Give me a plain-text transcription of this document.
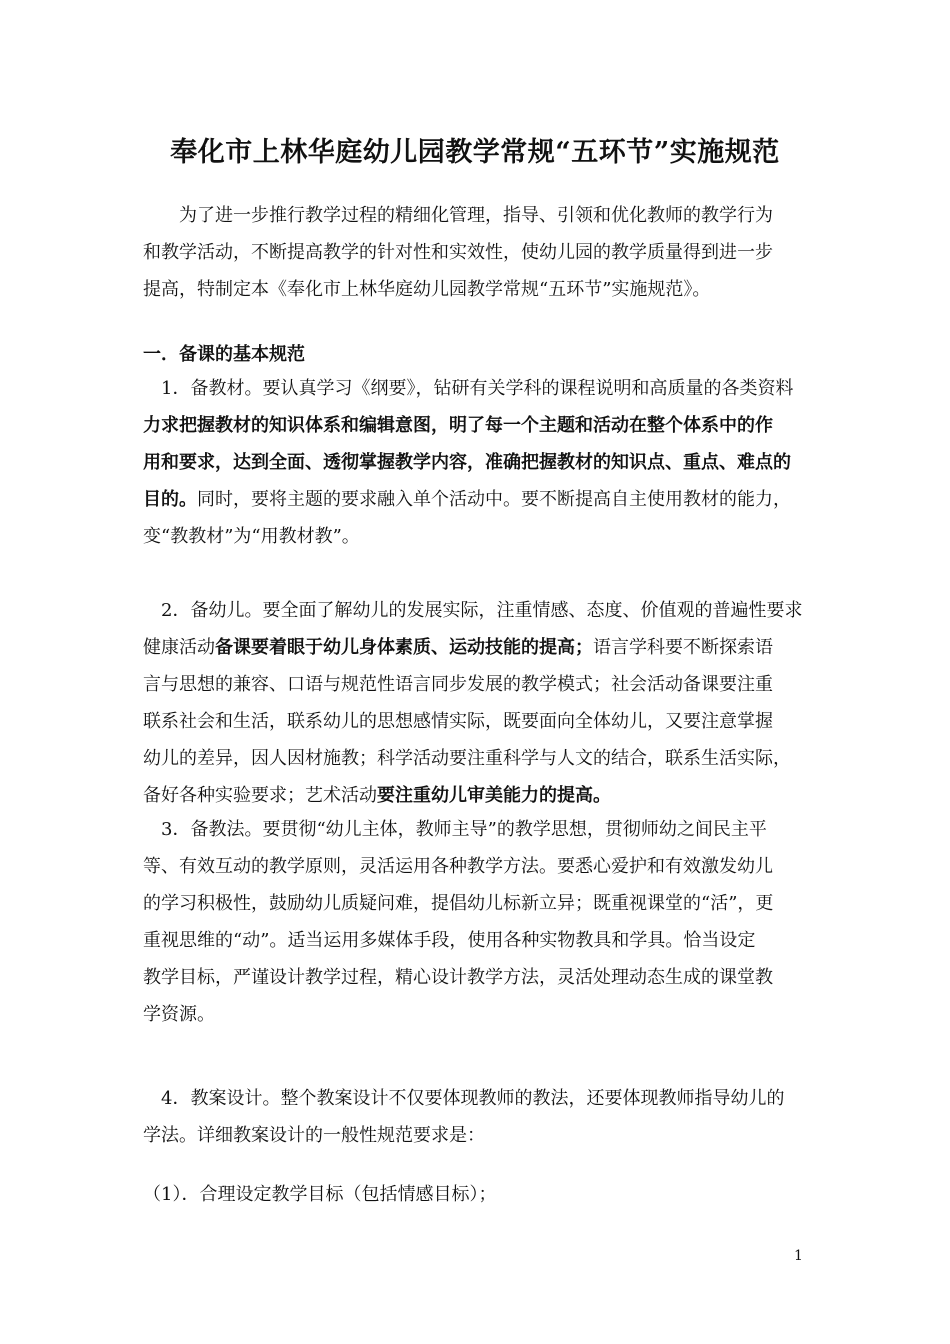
奉化市上林华庭幼儿园教学常规“五环节”实施规范

为了进一步推行教学过程的精细化管理，指导、引领和优化教师的教学行为
和教学活动，不断提高教学的针对性和实效性，使幼儿园的教学质量得到进一步
提高，特制定本《奉化市上林华庭幼儿园教学常规“五环节”实施规范》。

一．备课的基本规范

1．备教材。要认真学习《纲要》，钻研有关学科的课程说明和高质量的各类资料
力求把握教材的知识体系和编辑意图，明了每一个主题和活动在整个体系中的作
用和要求，达到全面、透彻掌握教学内容，准确把握教材的知识点、重点、难点的
目的。同时，要将主题的要求融入单个活动中。要不断提高自主使用教材的能力，
变“教教材”为“用教材教”。

2．备幼儿。要全面了解幼儿的发展实际，注重情感、态度、价值观的普遍性要求
健康活动备课要着眼于幼儿身体素质、运动技能的提高；语言学科要不断探索语
言与思想的兼容、口语与规范性语言同步发展的教学模式；社会活动备课要注重
联系社会和生活，联系幼儿的思想感情实际，既要面向全体幼儿，又要注意掌握
幼儿的差异，因人因材施教；科学活动要注重科学与人文的结合，联系生活实际，
备好各种实验要求；艺术活动要注重幼儿审美能力的提高。

3．备教法。要贯彻“幼儿主体，教师主导”的教学思想，贯彻师幼之间民主平
等、有效互动的教学原则，灵活运用各种教学方法。要悉心爱护和有效激发幼儿
的学习积极性，鼓励幼儿质疑问难，提倡幼儿标新立异；既重视课堂的“活”，更
重视思维的“动”。适当运用多媒体手段，使用各种实物教具和学具。恰当设定
教学目标，严谨设计教学过程，精心设计教学方法，灵活处理动态生成的课堂教
学资源。

4．教案设计。整个教案设计不仅要体现教师的教法，还要体现教师指导幼儿的
学法。详细教案设计的一般性规范要求是：

（1）．合理设定教学目标（包括情感目标）；

1
